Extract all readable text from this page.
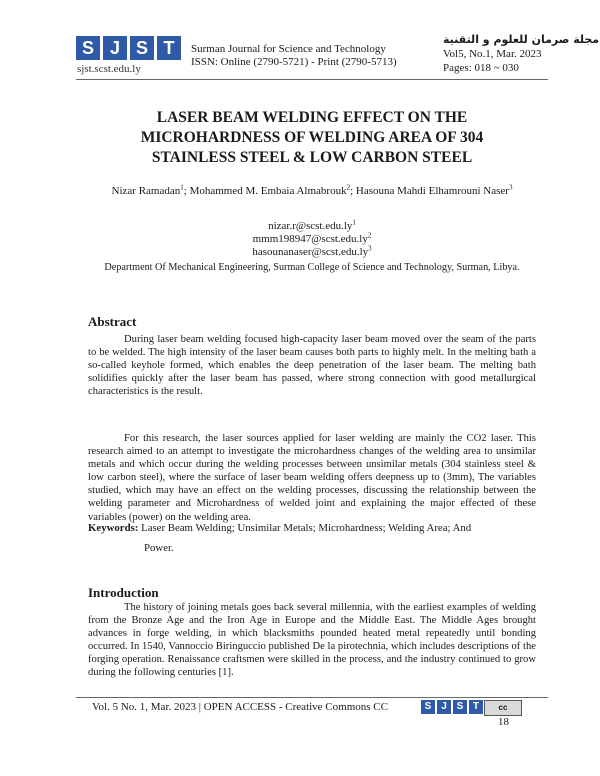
S J S T
sjst.scst.edu.ly
Surman Journal for Science and Technology
ISSN: Online (2790-5721) - Print (2790-5713)
مجلة صرمان للعلوم و التقنية
Vol5, No.1, Mar. 2023
Pages: 018 ~ 030
LASER BEAM WELDING EFFECT ON THE
MICROHARDNESS OF WELDING AREA OF 304
STAINLESS STEEL & LOW CARBON STEEL
Nizar Ramadan$^1$; Mohammed M. Embaia Almabrouk$^2$; Hasouna Mahdi Elhamrouni Naser$^3$
$nizar.r@scst.edu.ly^1$
$mmm198947@scst.edu.ly^2$
$hasounanaser@scst.edu.ly^3$
Department Of Mechanical Engineering, Surman College of Science and Technology, Surman, Libya.
Abstract

During laser beam welding focused high-capacity laser beam moved over the seam of the parts to be welded. The high intensity of the laser beam causes both parts to highly melt. In the melting bath a so-called keyhole formed, which enables the deep penetration of the laser beam. The melting bath solidifies quickly after the laser beam has passed, where strong connection with good metallurgical characteristics is the result.

For this research, the laser sources applied for laser welding are mainly the CO2 laser. This research aimed to an attempt to investigate the microhardness changes of the welding area to unsimilar metals and which occur during the welding processes between unsimilar metals (304 stainless steel & low carbon steel), where the surface of laser beam welding offers deepness up to (3mm), The variables studied, which may have an effect on the welding processes, discussing the relationship between the welding parameter and Microhardness of welded joint and explaining the major effected of these variables (power) on the welding area.

Keywords: Laser Beam Welding; Unsimilar Metals; Microhardness; Welding Area; And
Power.
Introduction

The history of joining metals goes back several millennia, with the earliest examples of welding from the Bronze Age and the Iron Age in Europe and the Middle East. The Middle Ages brought advances in forge welding, in which blacksmiths pounded heated metal repeatedly until bonding occurred. In 1540, Vannoccio Biringuccio published De la pirotechnia, which includes descriptions of the forging operation. Renaissance craftsmen were skilled in the process, and the industry continued to grow during the following centuries [1].

Vol. 5 No. 1, Mar. 2023 | OPEN ACCESS - Creative Commons CC	S J S T	cc
18
